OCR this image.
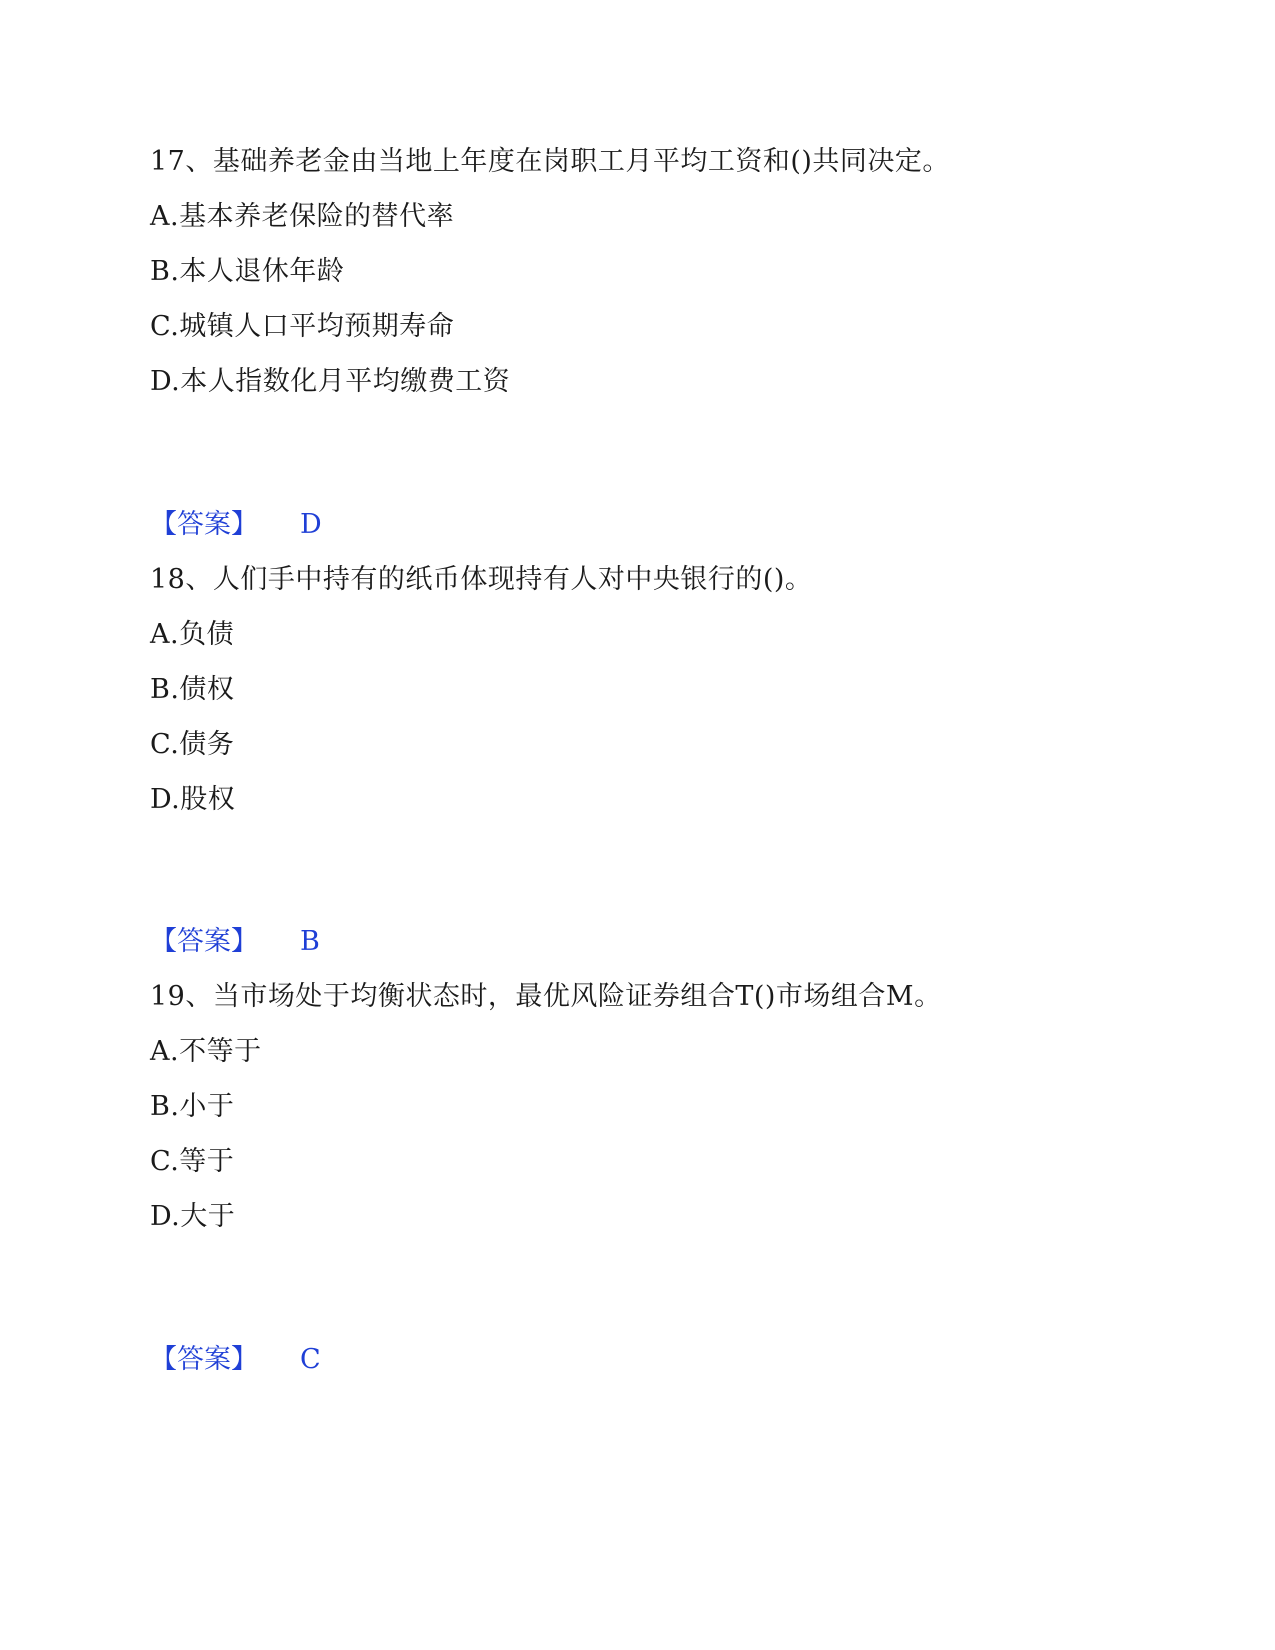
17、基础养老金由当地上年度在岗职工月平均工资和()共同决定。
A.基本养老保险的替代率
B.本人退休年龄
C.城镇人口平均预期寿命
D.本人指数化月平均缴费工资
【答案】 D
18、人们手中持有的纸币体现持有人对中央银行的()。
A.负债
B.债权
C.债务
D.股权
【答案】 B
19、当市场处于均衡状态时，最优风险证券组合T()市场组合M。
A.不等于
B.小于
C.等于
D.大于
【答案】 C
